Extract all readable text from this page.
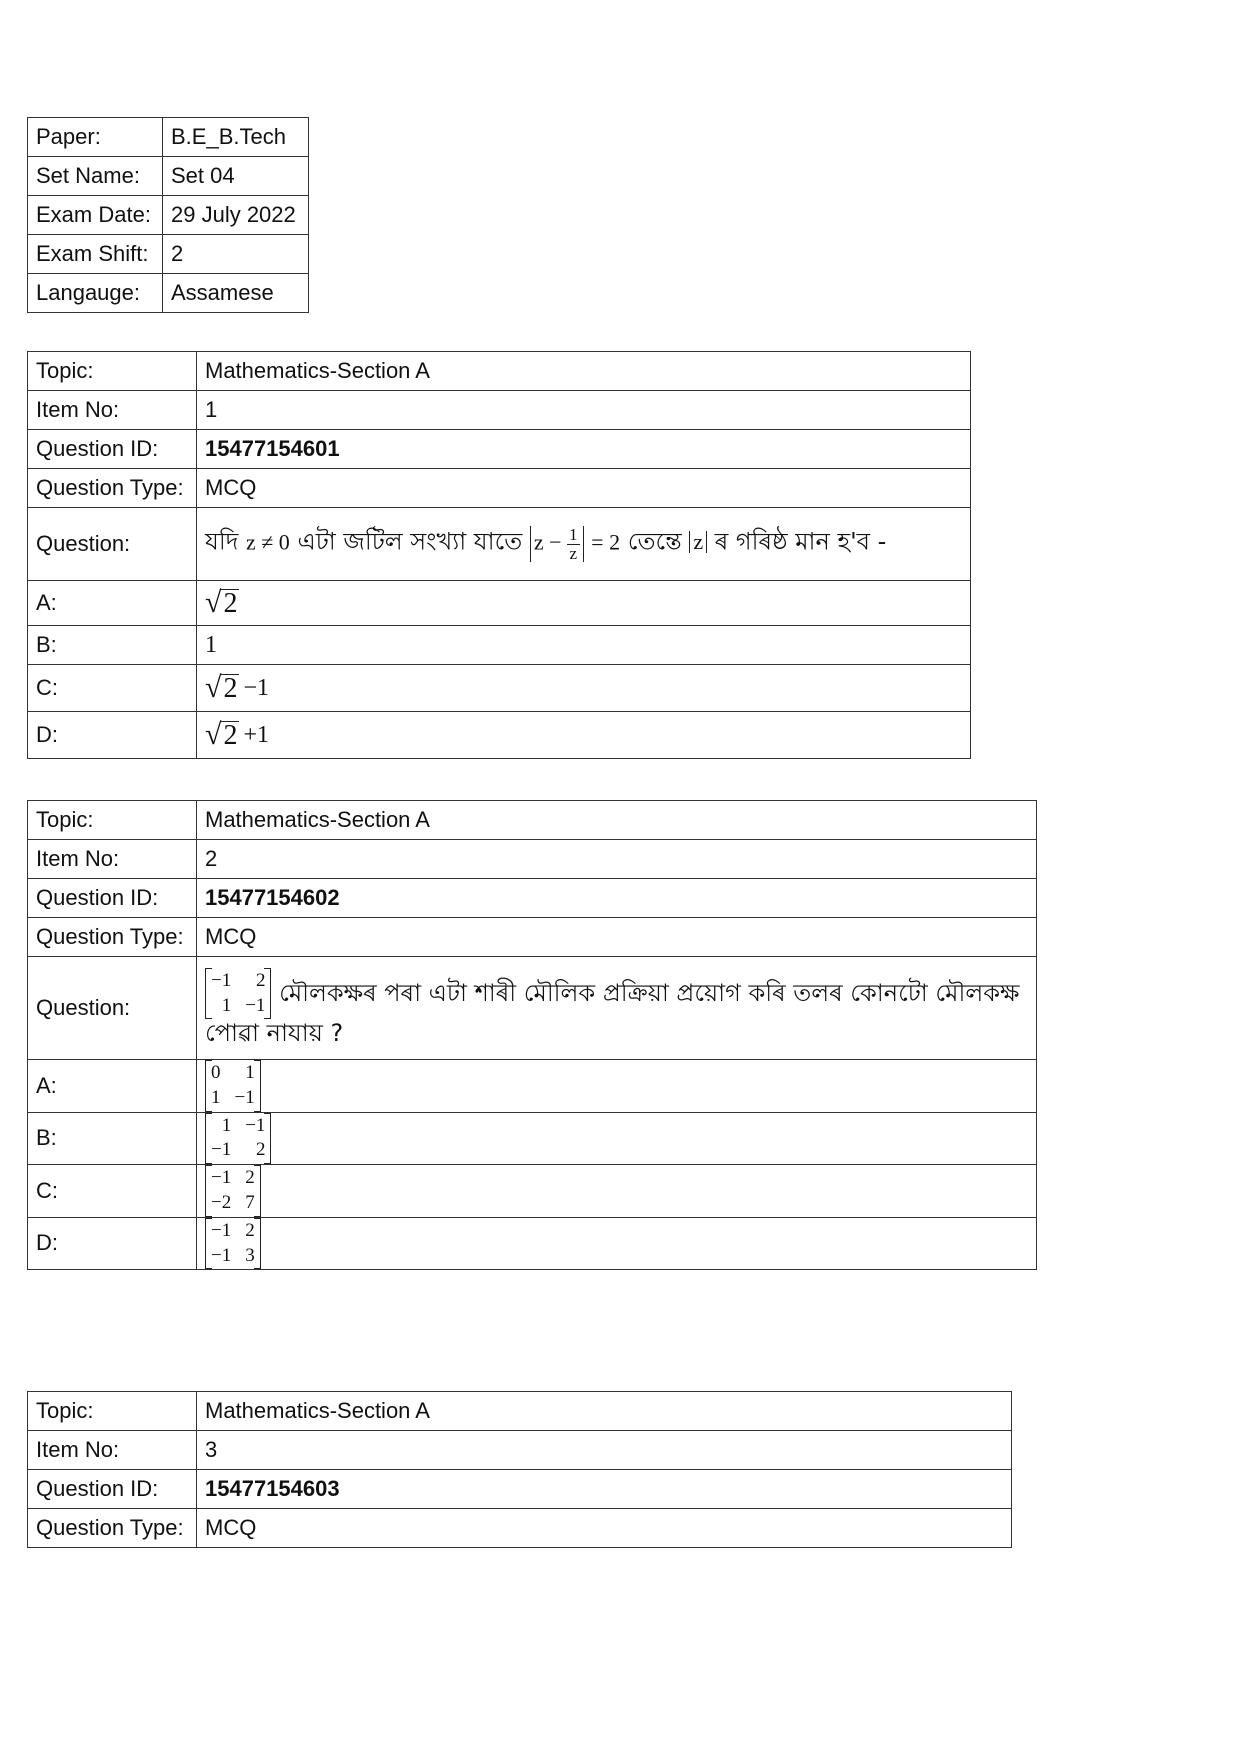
Paper:	B.E_B.Tech
Set Name:	Set 04
Exam Date:	29 July 2022
Exam Shift:	2
Langauge:	Assamese
Topic:	Mathematics-Section A
Item No:	1
Question ID:	15477154601
Question Type:	MCQ
Question:	যদি z ≠ 0 এটা জটিল সংখ্যা যাতে $z - \frac{1}{z} = 2$ তেন্তে z ৰ গৰিষ্ঠ মান হ'ব -
A:	√ 2

B:	1
C:	√ 2 −1

D:	√ 2 +1
Topic:	Mathematics-Section A
Item No:	2
Question ID:	15477154602
Question Type:	MCQ
Question:	−1 2
1 −1 মৌলকক্ষৰ পৰা এটা শাৰী মৌলিক প্ৰক্ৰিয়া প্ৰয়োগ কৰি তলৰ কোনটো মৌলকক্ষ পোৱা নাযায় ?
A:	0 1
1 −1

B:	1 −1
−1 2

C:	−1 2
−2 7

D:	−1 2
−1 3
Topic:	Mathematics-Section A
Item No:	3
Question ID:	15477154603
Question Type:	MCQ
